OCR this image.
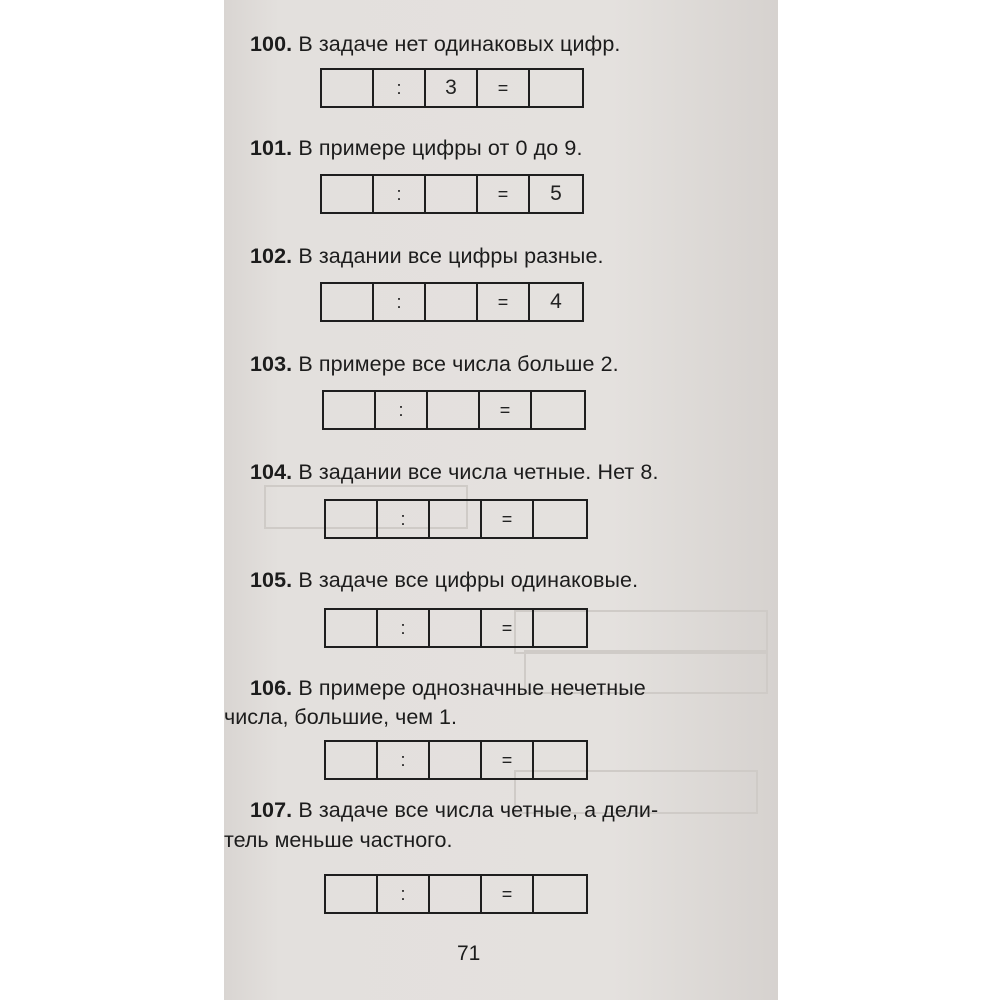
100. В задаче нет одинаковых цифр.
:	3	=
101. В примере цифры от 0 до 9.
:	=	5
102. В задании все цифры разные.
:	=	4
103. В примере все числа больше 2.
:	=
104. В задании все числа четные. Нет 8.
:	=
105. В задаче все цифры одинаковые.
:	=
106. В примере однозначные нечетные
числа, большие, чем 1.
:	=
107. В задаче все числа четные, а дели-
тель меньше частного.
:	=
71
